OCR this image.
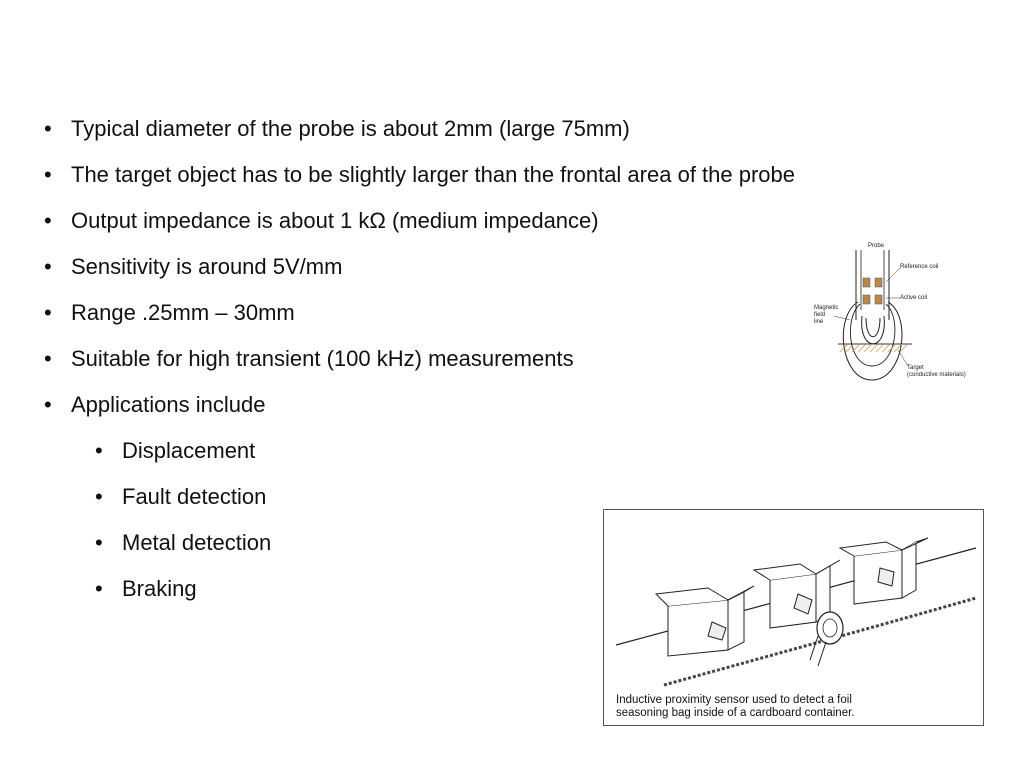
• Typical diameter of the probe is about 2mm (large 75mm)
• The target object has to be slightly larger than the frontal area of the probe
• Output impedance is about 1 kΩ (medium impedance)
• Sensitivity is around 5V/mm
• Range .25mm – 30mm
• Suitable for high transient (100 kHz) measurements
• Applications include
• Displacement
• Fault detection
• Metal detection
• Braking
Probe
Reference coil
Active coil
Magnetic
field
line
Target
(conductive materials)
Inductive proximity sensor used to detect a foil
seasoning bag inside of a cardboard container.
